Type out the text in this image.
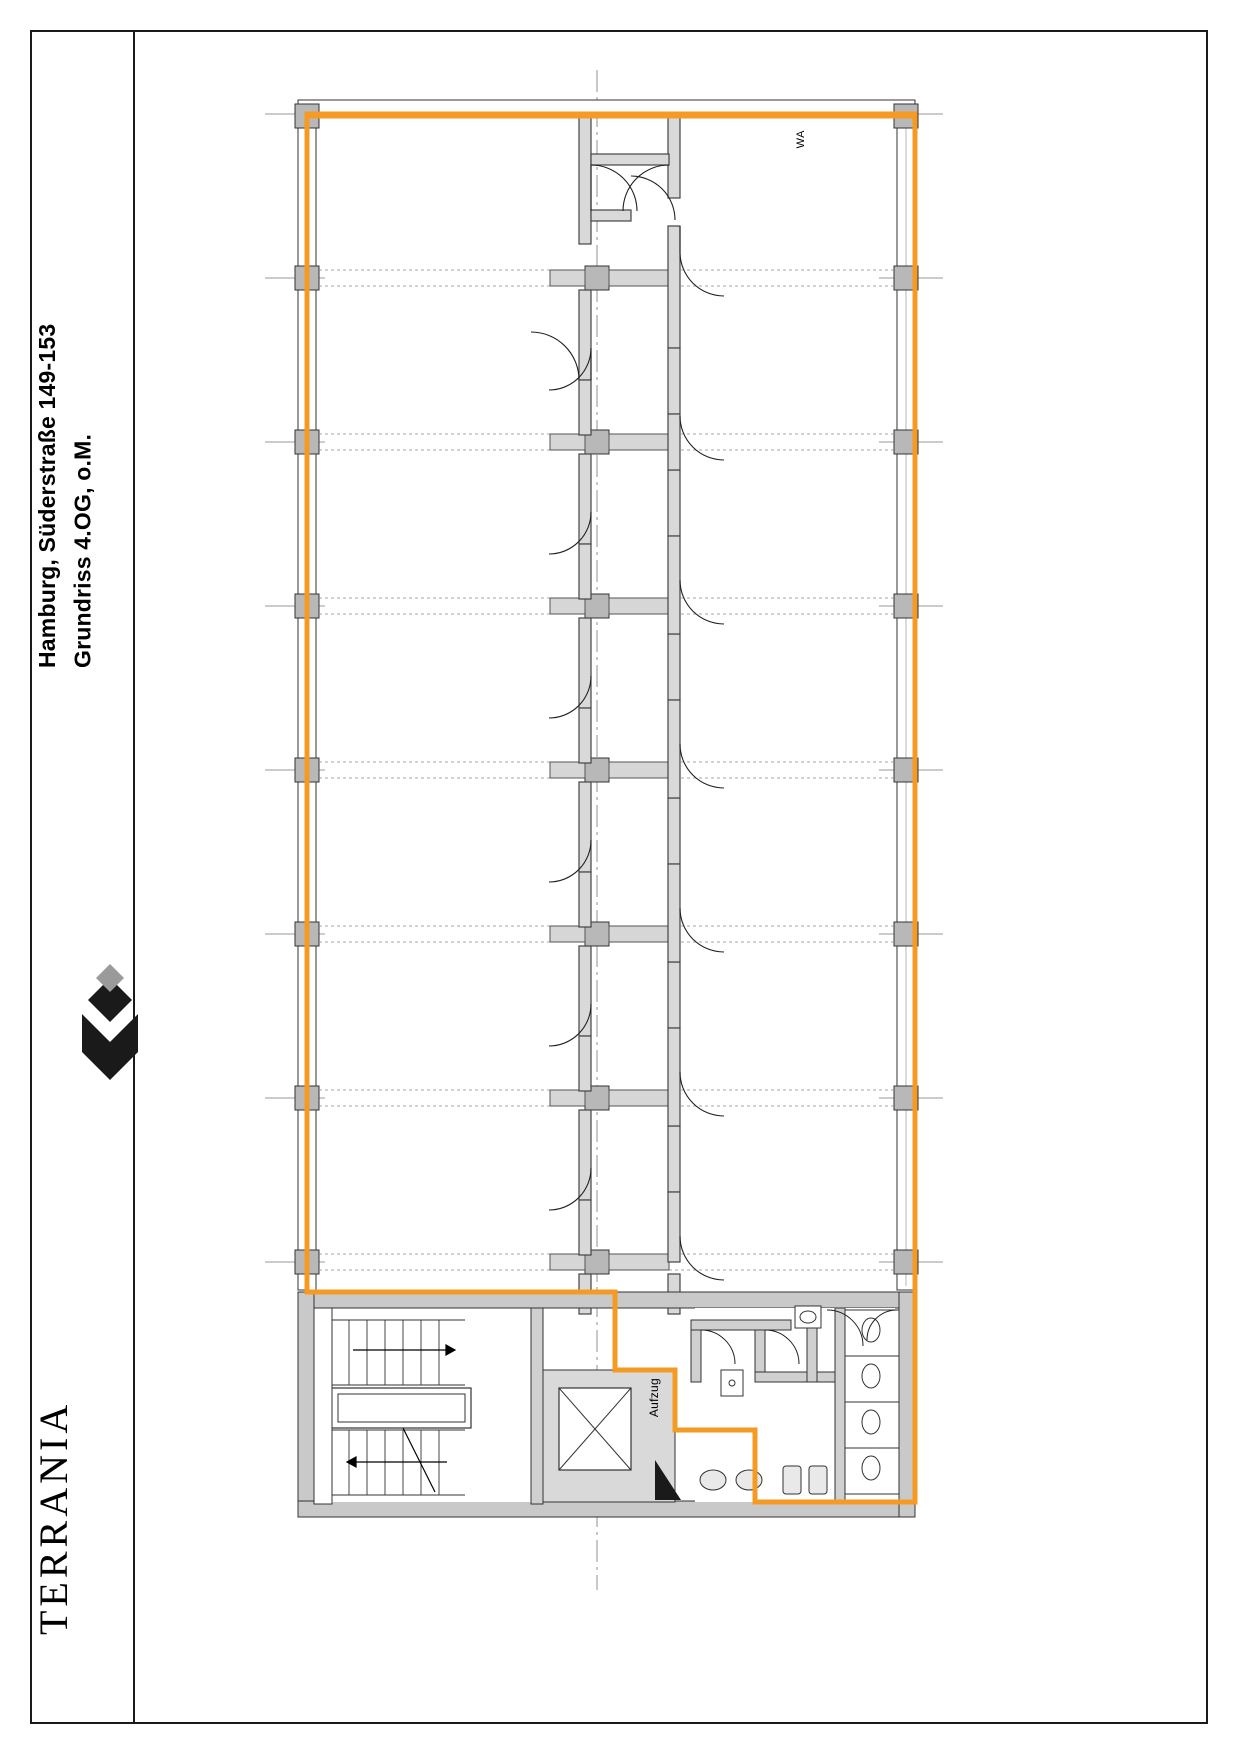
Hamburg, Süderstraße 149-153 Grundriss 4.OG, o.M.
TERRANIA
WA
Aufzug
